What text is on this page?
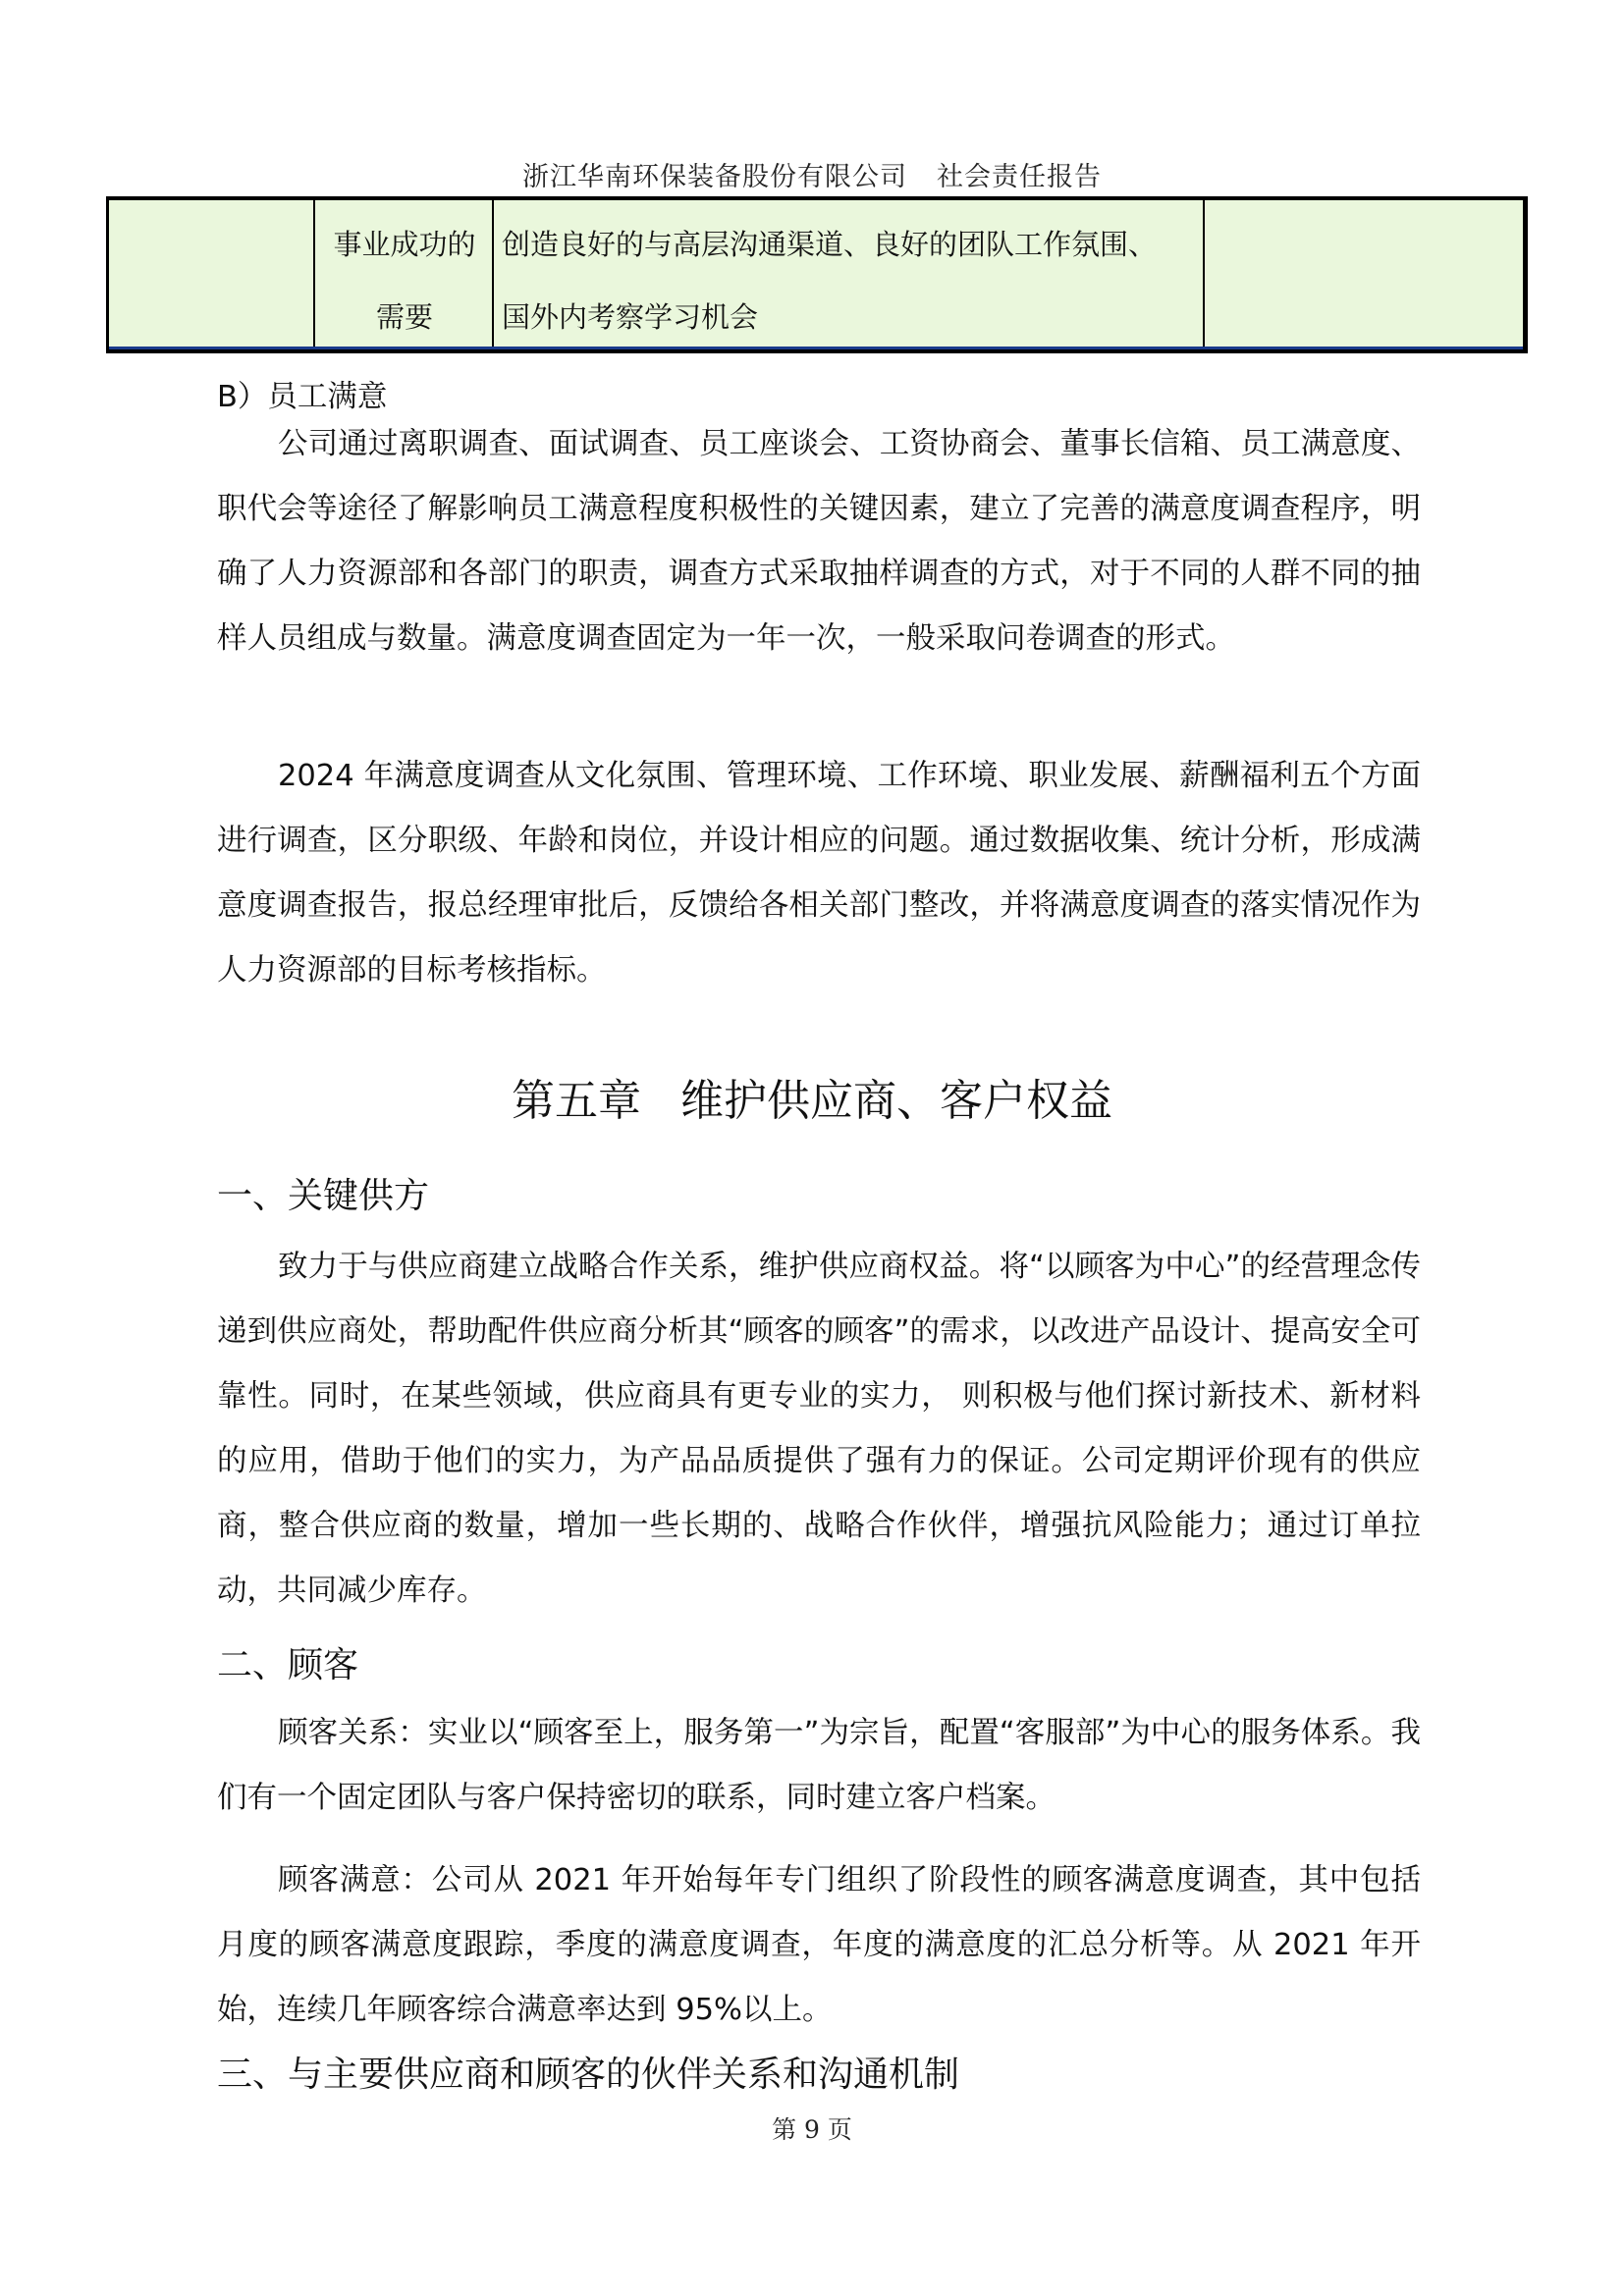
浙江华南环保装备股份有限公司 社会责任报告
事业成功的
需要
创造良好的与高层沟通渠道、良好的团队工作氛围、
国外内考察学习机会
B）员工满意
公司通过离职调查、面试调查、员工座谈会、工资协商会、董事长信箱、员工满意度、职代会等途径了解影响员工满意程度积极性的关键因素，建立了完善的满意度调查程序，明确了人力资源部和各部门的职责，调查方式采取抽样调查的方式，对于不同的人群不同的抽样人员组成与数量。满意度调查固定为一年一次，一般采取问卷调查的形式。
2024 年满意度调查从文化氛围、管理环境、工作环境、职业发展、薪酬福利五个方面进行调查，区分职级、年龄和岗位，并设计相应的问题。通过数据收集、统计分析，形成满意度调查报告，报总经理审批后，反馈给各相关部门整改，并将满意度调查的落实情况作为人力资源部的目标考核指标。
第五章 维护供应商、客户权益
一、关键供方
致力于与供应商建立战略合作关系，维护供应商权益。将“以顾客为中心”的经营理念传递到供应商处，帮助配件供应商分析其“顾客的顾客”的需求，以改进产品设计、提高安全可靠性。同时，在某些领域，供应商具有更专业的实力， 则积极与他们探讨新技术、新材料的应用，借助于他们的实力，为产品品质提供了强有力的保证。公司定期评价现有的供应商，整合供应商的数量，增加一些长期的、战略合作伙伴，增强抗风险能力；通过订单拉动，共同减少库存。
二、顾客
顾客关系：实业以“顾客至上，服务第一”为宗旨，配置“客服部”为中心的服务体系。我们有一个固定团队与客户保持密切的联系，同时建立客户档案。
顾客满意：公司从 2021 年开始每年专门组织了阶段性的顾客满意度调查，其中包括月度的顾客满意度跟踪，季度的满意度调查，年度的满意度的汇总分析等。从 2021 年开始，连续几年顾客综合满意率达到 95%以上。
三、与主要供应商和顾客的伙伴关系和沟通机制
第 9 页
